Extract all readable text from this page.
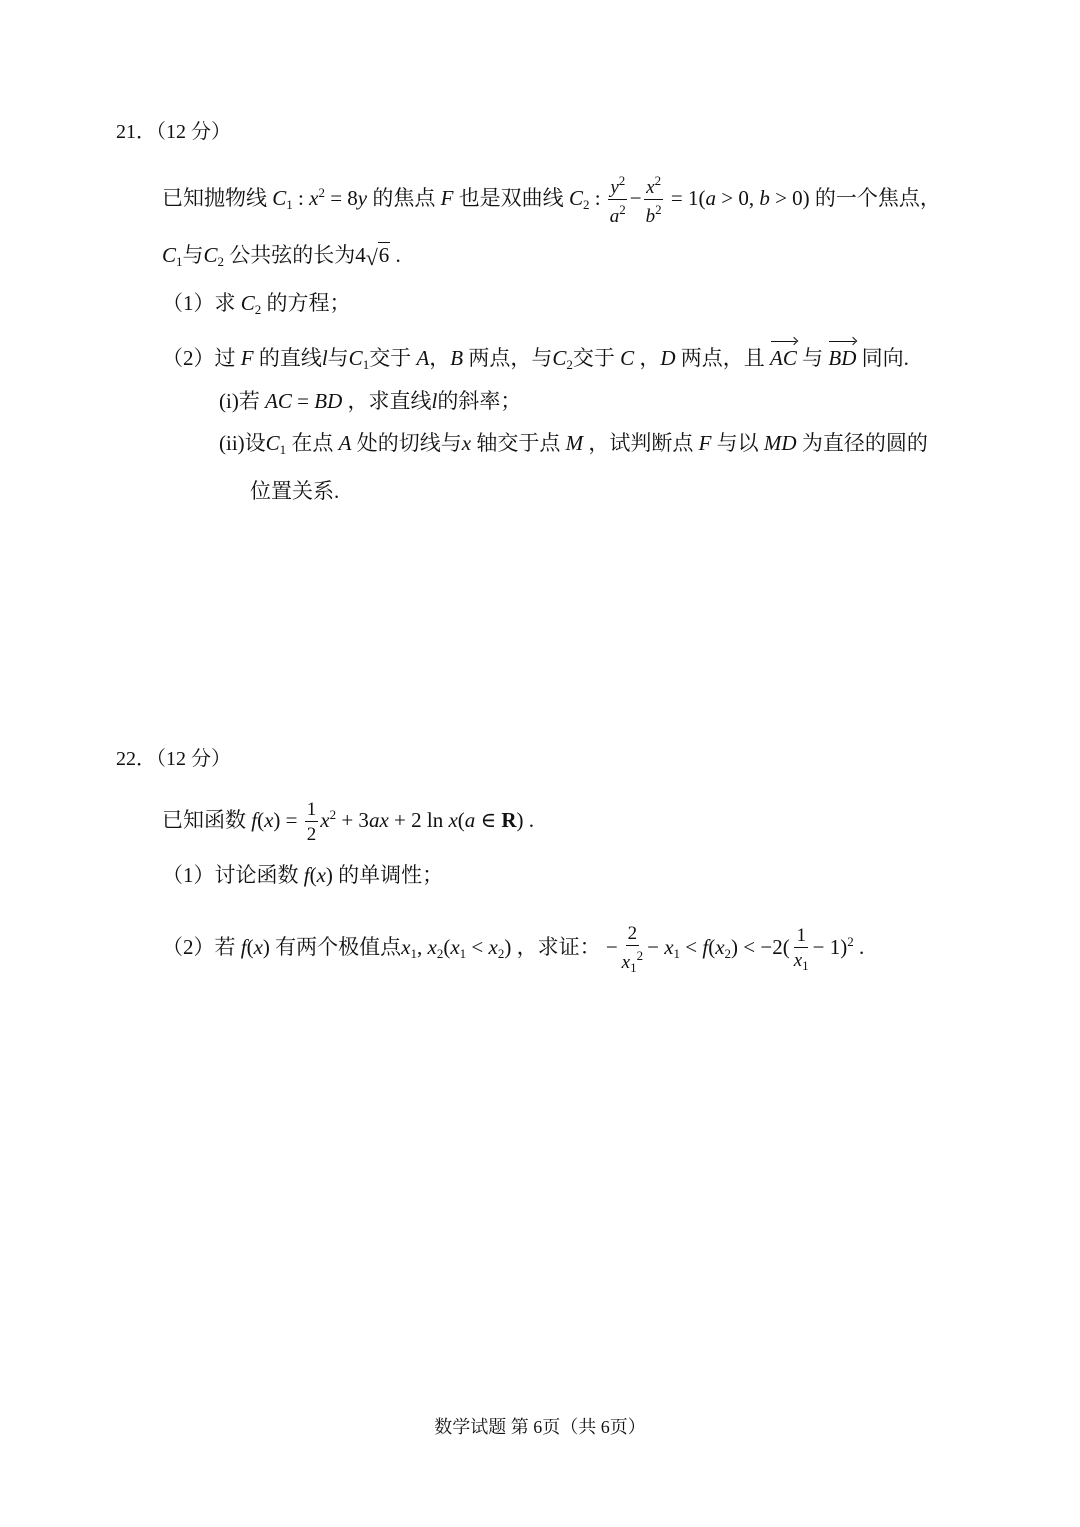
21．（12 分）
已知抛物线 $C_1$ : $x^2 = 8y$ 的焦点 F 也是双曲线 $C_2$ : $\frac{y^2}{a^2} - \frac{x^2}{b^2} = 1(a > 0$, b > 0) 的一个焦点，
$C_1$与$C_2$ 公共弦的长为4 √ 6 .
（1）求 $C_2$ 的方程；
（2）过 F 的直线l与$C_1$交于 A，B 两点，与$C_2$交于 C ，D 两点，且 AC 与 BD 同向.
(i)若 AC = BD ，求直线l的斜率；
(ii)设$C_1$ 在点 A 处的切线与x 轴交于点 M ，试判断点 F 与以 MD 为直径的圆的
位置关系.
22．（12 分）
已知函数 $f(x) = \frac{1}{2} x^2 + 3ax + 2$ ln x(a ∈ R) .
（1）讨论函数 f(x) 的单调性；
（2）若 f(x) 有两个极值点$x_1$, $x_2(x_1 < x_2)$ ，求证： − $\frac{2}{x_1^2} - x_1 < f(x_2) < -2( \frac{1}{x_1} - 1)^2$ .
数学试题 第 6页（共 6页）
